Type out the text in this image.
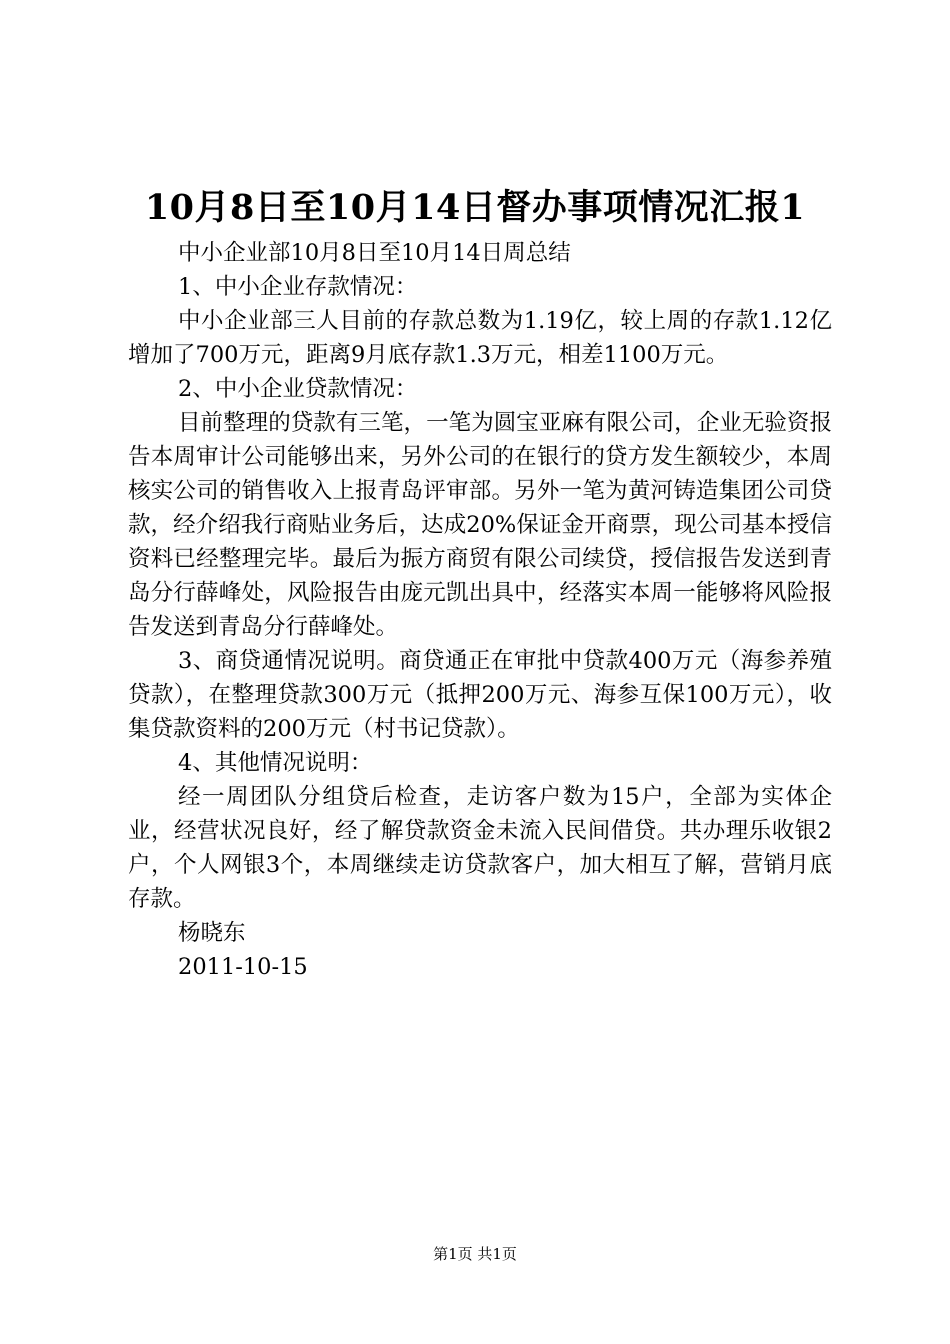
10月8日至10月14日督办事项情况汇报1

中小企业部10月8日至10月14日周总结

1、中小企业存款情况：

中小企业部三人目前的存款总数为1.19亿，较上周的存款1.12亿增加了700万元，距离9月底存款1.3万元，相差1100万元。

2、中小企业贷款情况：

目前整理的贷款有三笔，一笔为圆宝亚麻有限公司，企业无验资报告本周审计公司能够出来，另外公司的在银行的贷方发生额较少，本周核实公司的销售收入上报青岛评审部。另外一笔为黄河铸造集团公司贷款，经介绍我行商贴业务后，达成20%保证金开商票，现公司基本授信资料已经整理完毕。最后为振方商贸有限公司续贷，授信报告发送到青岛分行薛峰处，风险报告由庞元凯出具中，经落实本周一能够将风险报告发送到青岛分行薛峰处。

3、商贷通情况说明。商贷通正在审批中贷款400万元（海参养殖贷款），在整理贷款300万元（抵押200万元、海参互保100万元），收集贷款资料的200万元（村书记贷款）。

4、其他情况说明：

经一周团队分组贷后检查，走访客户数为15户，全部为实体企业，经营状况良好，经了解贷款资金未流入民间借贷。共办理乐收银2户，个人网银3个，本周继续走访贷款客户，加大相互了解，营销月底存款。

杨晓东

2011-10-15

第1页 共1页
